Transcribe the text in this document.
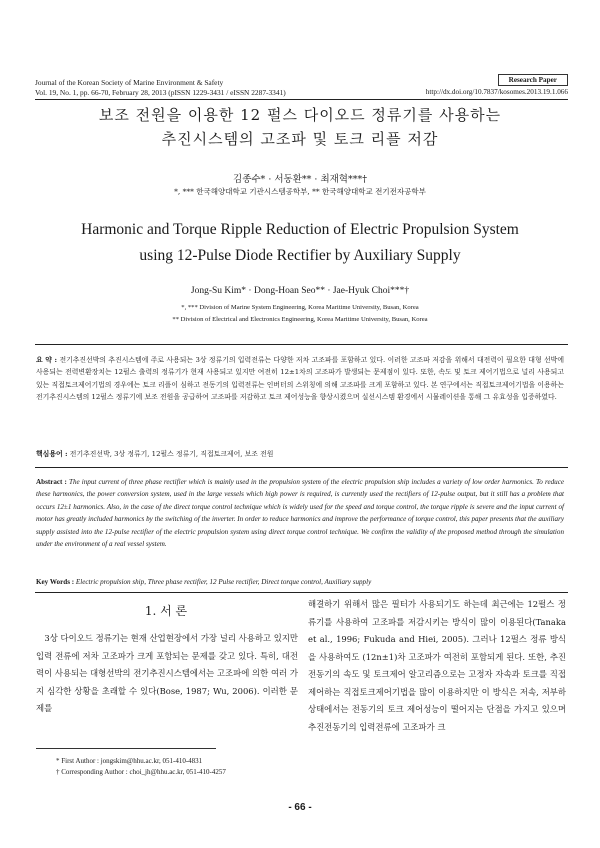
Journal of the Korean Society of Marine Environment & Safety
Vol. 19, No. 1, pp. 66-70, February 28, 2013 (pISSN 1229-3431 / eISSN 2287-3341)
Research Paper
http://dx.doi.org/10.7837/kosomes.2013.19.1.066
보조 전원을 이용한 12 펄스 다이오드 정류기를 사용하는
추진시스템의 고조파 및 토크 리플 저감
김종수* · 서동환** · 최재혁***†
*, *** 한국해양대학교 기관시스템공학부, ** 한국해양대학교 전기전자공학부
Harmonic and Torque Ripple Reduction of Electric Propulsion System
using 12-Pulse Diode Rectifier by Auxiliary Supply
Jong-Su Kim* · Dong-Hoan Seo** · Jae-Hyuk Choi***†
*, *** Division of Marine System Engineering, Korea Maritime University, Busan, Korea
** Division of Electrical and Electronics Engineering, Korea Maritime University, Busan, Korea
요 약 : 전기추진선박의 추진시스템에 주로 사용되는 3상 정류기의 입력전류는 다양한 저차 고조파를 포함하고 있다. 이러한 고조파 저감을 위해서 대전력이 필요한 대형 선박에 사용되는 전력변환장치는 12펄스 출력의 정류기가 현재 사용되고 있지만 여전히 12±1차의 고조파가 발생되는 문제점이 있다. 또한, 속도 및 토크 제어기법으로 널리 사용되고 있는 직접토크제어기법의 경우에는 토크 리플이 심하고 전동기의 입력전류는 인버터의 스위칭에 의해 고조파를 크게 포함하고 있다. 본 연구에서는 직접토크제어기법을 이용하는 전기추진시스템의 12펄스 정류기에 보조 전원을 공급하여 고조파를 저감하고 토크 제어성능을 향상시켰으며 실선시스템 환경에서 시뮬레이션을 통해 그 유효성을 입증하였다.
핵심용어 : 전기추진선박, 3상 정류기, 12펄스 정류기, 직접토크제어, 보조 전원
Abstract : The input current of three phase rectifier which is mainly used in the propulsion system of the electric propulsion ship includes a variety of low order harmonics. To reduce these harmonics, the power conversion system, used in the large vessels which high power is required, is currently used the rectifiers of 12-pulse output, but it still has a problem that occurs 12±1 harmonics. Also, in the case of the direct torque control technique which is widely used for the speed and torque control, the torque ripple is severe and the input current of motor has greatly included harmonics by the switching of the inverter. In order to reduce harmonics and improve the performance of torque control, this paper presents that the auxiliary supply assisted into the 12-pulse rectifier of the electric propulsion system using direct torque control technique. We confirm the validity of the proposed method through the simulation under the environment of a real vessel system.
Key Words : Electric propulsion ship, Three phase rectifier, 12 Pulse rectifier, Direct torque control, Auxiliary supply
1. 서 론
3상 다이오드 정류기는 현재 산업현장에서 가장 널리 사용하고 있지만 입력 전류에 저차 고조파가 크게 포함되는 문제를 갖고 있다. 특히, 대전력이 사용되는 대형선박의 전기추진시스템에서는 고조파에 의한 여러 가지 심각한 상황을 초래할 수 있다(Bose, 1987; Wu, 2006). 이러한 문제를
해결하기 위해서 많은 필터가 사용되기도 하는데 최근에는 12펄스 정류기를 사용하여 고조파를 저감시키는 방식이 많이 이용된다(Tanaka et al., 1996; Fukuda and Hiei, 2005). 그러나 12펄스 정류 방식을 사용하여도 (12n±1)차 고조파가 여전히 포함되게 된다. 또한, 추진전동기의 속도 및 토크제어 알고리즘으로는 고정자 자속과 토크를 직접 제어하는 직접토크제어기법을 많이 이용하지만 이 방식은 저속, 저부하 상태에서는 전동기의 토크 제어성능이 떨어지는 단점을 가지고 있으며 추진전동기의 입력전류에 고조파가 크
* First Author : jongskim@hhu.ac.kr, 051-410-4831
† Corresponding Author : choi_jh@hhu.ac.kr, 051-410-4257
- 66 -
